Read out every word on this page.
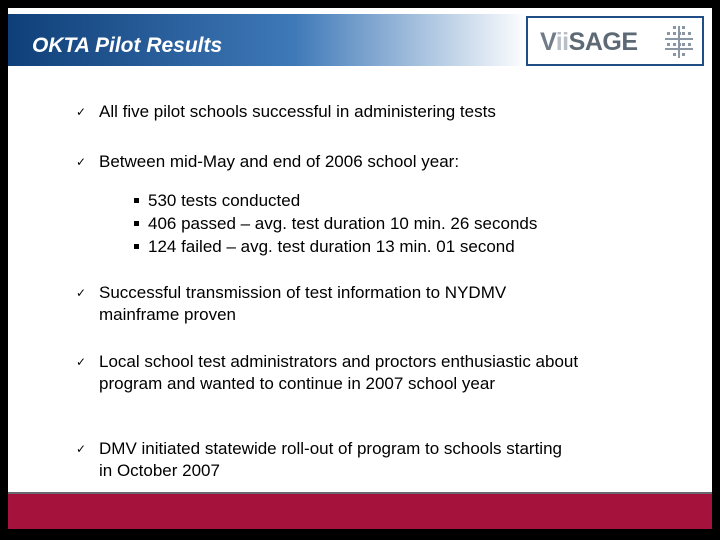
OKTA Pilot Results	ViiSAGE
✓ All five pilot schools successful in administering tests
✓ Between mid-May and end of 2006 school year:
530 tests conducted
406 passed – avg. test duration 10 min. 26 seconds
124 failed – avg. test duration 13 min. 01 second
✓ Successful transmission of test information to NYDMV mainframe proven
✓ Local school test administrators and proctors enthusiastic about program and wanted to continue in 2007 school year
✓ DMV initiated statewide roll-out of program to schools starting in October 2007
